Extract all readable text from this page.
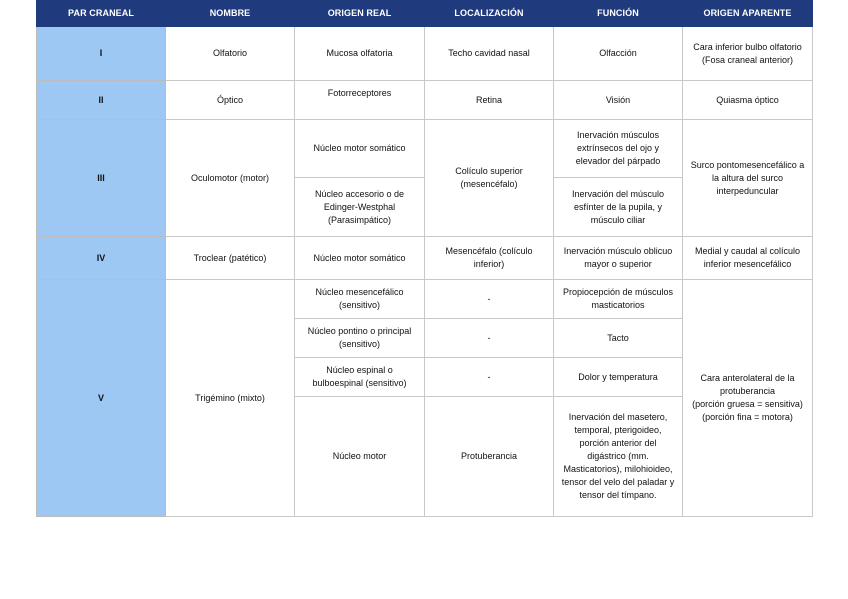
PAR CRANEAL	NOMBRE	ORIGEN REAL	LOCALIZACIÓN	FUNCIÓN	ORIGEN APARENTE
I	Olfatorio	Mucosa olfatoria	Techo cavidad nasal	Olfacción	Cara inferior bulbo olfatorio (Fosa craneal anterior)
II	Óptico	Fotorreceptores	Retina	Visión	Quiasma óptico
III	Oculomotor (motor)	Núcleo motor somático	Colículo superior (mesencéfalo)	Inervación músculos extrínsecos del ojo y elevador del párpado	Surco pontomesencefálico a la altura del surco interpeduncular
		Núcleo accesorio o de Edinger-Westphal (Parasimpático)		Inervación del músculo esfínter de la pupila, y músculo ciliar	
IV	Troclear (patético)	Núcleo motor somático	Mesencéfalo (colículo inferior)	Inervación músculo oblicuo mayor o superior	Medial y caudal al colículo inferior mesencefálico
V	Trigémino (mixto)	Núcleo mesencefálico (sensitivo)	-	Propiocepción de músculos masticatorios	Cara anterolateral de la protuberancia
(porción gruesa = sensitiva)
(porción fina = motora)

		Núcleo pontino o principal (sensitivo)	-	Tacto	
		Núcleo espinal o bulboespinal (sensitivo)	-	Dolor y temperatura	
		Núcleo motor	Protuberancia	Inervación del masetero, temporal, pterigoideo, porción anterior del digástrico (mm. Masticatorios), milohioideo, tensor del velo del paladar y tensor del tímpano.	
